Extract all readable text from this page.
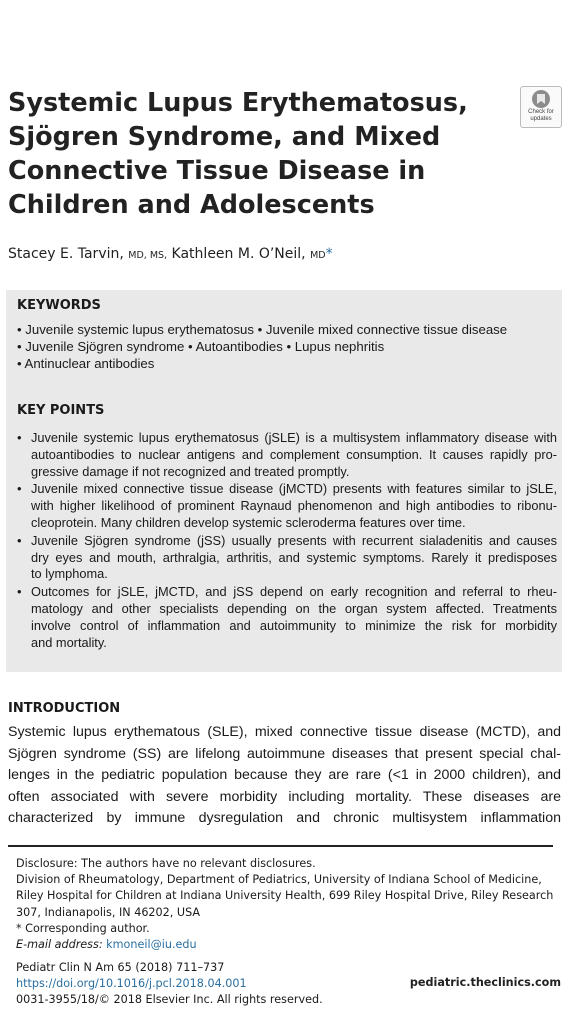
Systemic Lupus Erythematosus,
Sjögren Syndrome, and Mixed
Connective Tissue Disease in
Children and Adolescents
Check for
updates
Stacey E. Tarvin, MD, MS, Kathleen M. O’Neil, MD*
KEYWORDS
• Juvenile systemic lupus erythematosus • Juvenile mixed connective tissue disease
• Juvenile Sjögren syndrome • Autoantibodies • Lupus nephritis
• Antinuclear antibodies
KEY POINTS
• Juvenile systemic lupus erythematosus (jSLE) is a multisystem inflammatory disease with
autoantibodies to nuclear antigens and complement consumption. It causes rapidly pro-
gressive damage if not recognized and treated promptly.
• Juvenile mixed connective tissue disease (jMCTD) presents with features similar to jSLE,
with higher likelihood of prominent Raynaud phenomenon and high antibodies to ribonu-
cleoprotein. Many children develop systemic scleroderma features over time.
• Juvenile Sjögren syndrome (jSS) usually presents with recurrent sialadenitis and causes
dry eyes and mouth, arthralgia, arthritis, and systemic symptoms. Rarely it predisposes
to lymphoma.
• Outcomes for jSLE, jMCTD, and jSS depend on early recognition and referral to rheu-
matology and other specialists depending on the organ system affected. Treatments
involve control of inflammation and autoimmunity to minimize the risk for morbidity
and mortality.
INTRODUCTION
Systemic lupus erythematous (SLE), mixed connective tissue disease (MCTD), and
Sjögren syndrome (SS) are lifelong autoimmune diseases that present special chal-
lenges in the pediatric population because they are rare (<1 in 2000 children), and
often associated with severe morbidity including mortality. These diseases are
characterized by immune dysregulation and chronic multisystem inflammation
Disclosure: The authors have no relevant disclosures.
Division of Rheumatology, Department of Pediatrics, University of Indiana School of Medicine,
Riley Hospital for Children at Indiana University Health, 699 Riley Hospital Drive, Riley Research
307, Indianapolis, IN 46202, USA
* Corresponding author.
E-mail address: kmoneil@iu.edu
Pediatr Clin N Am 65 (2018) 711–737
https://doi.org/10.1016/j.pcl.2018.04.001
0031-3955/18/© 2018 Elsevier Inc. All rights reserved.
pediatric.theclinics.com
